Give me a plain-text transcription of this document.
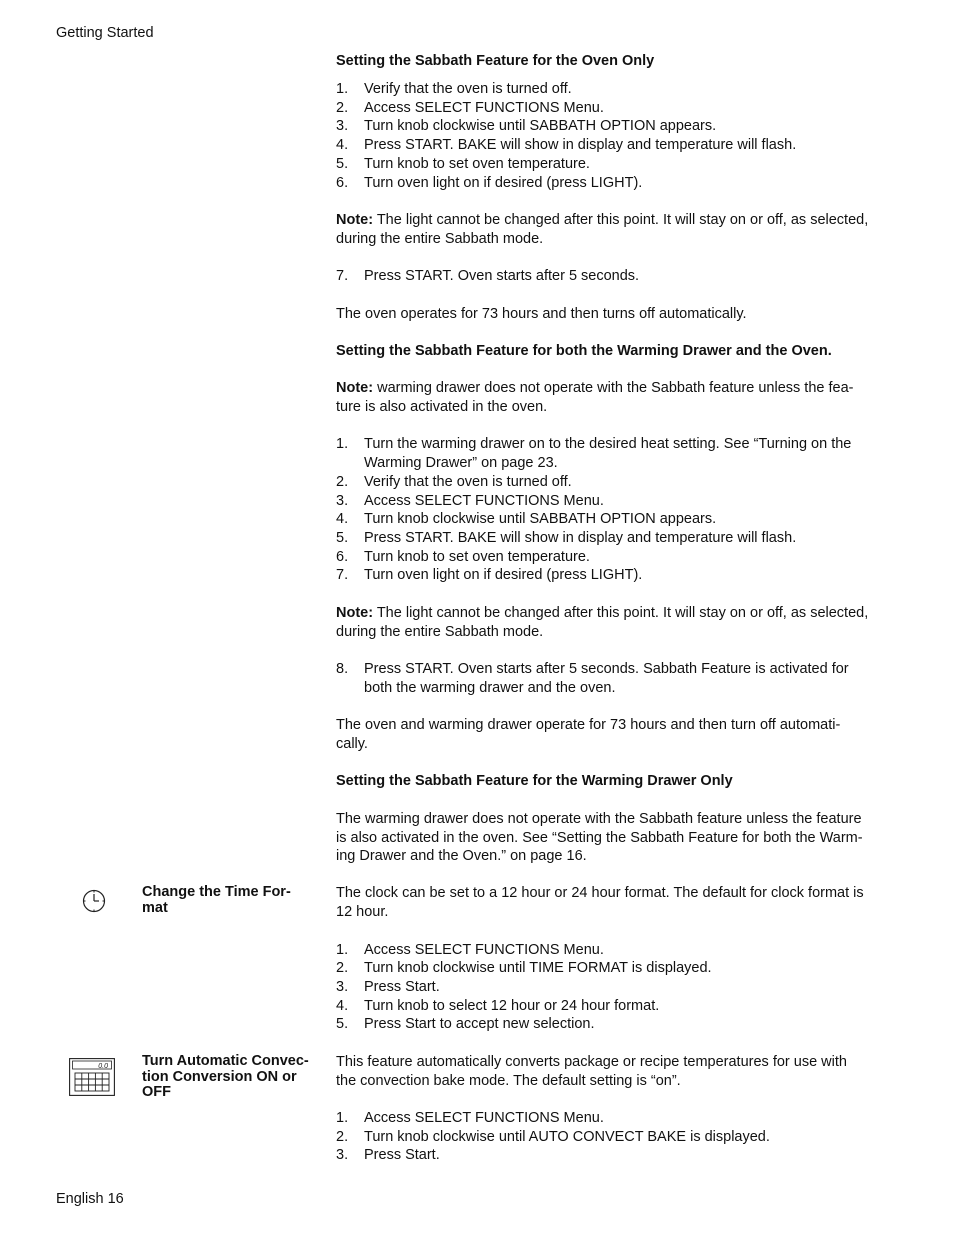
Getting Started
Setting the Sabbath Feature for the Oven Only
1. Verify that the oven is turned off.
2. Access SELECT FUNCTIONS Menu.
3. Turn knob clockwise until SABBATH OPTION appears.
4. Press START. BAKE will show in display and temperature will flash.
5. Turn knob to set oven temperature.
6. Turn oven light on if desired (press LIGHT).
Note: The light cannot be changed after this point. It will stay on or off, as selected, during the entire Sabbath mode.
7. Press START. Oven starts after 5 seconds.
The oven operates for 73 hours and then turns off automatically.
Setting the Sabbath Feature for both the Warming Drawer and the Oven.
Note: warming drawer does not operate with the Sabbath feature unless the fea-
ture is also activated in the oven.
1. Turn the warming drawer on to the desired heat setting. See “Turning on the
Warming Drawer” on page 23.
2. Verify that the oven is turned off.
3. Access SELECT FUNCTIONS Menu.
4. Turn knob clockwise until SABBATH OPTION appears.
5. Press START. BAKE will show in display and temperature will flash.
6. Turn knob to set oven temperature.
7. Turn oven light on if desired (press LIGHT).
Note: The light cannot be changed after this point. It will stay on or off, as selected, during the entire Sabbath mode.
8. Press START. Oven starts after 5 seconds. Sabbath Feature is activated for
both the warming drawer and the oven.
The oven and warming drawer operate for 73 hours and then turn off automati-
cally.
Setting the Sabbath Feature for the Warming Drawer Only
The warming drawer does not operate with the Sabbath feature unless the feature
is also activated in the oven. See “Setting the Sabbath Feature for both the Warm-
ing Drawer and the Oven.” on page 16.
Change the Time For-
mat
The clock can be set to a 12 hour or 24 hour format. The default for clock format is
12 hour.
1. Access SELECT FUNCTIONS Menu.
2. Turn knob clockwise until TIME FORMAT is displayed.
3. Press Start.
4. Turn knob to select 12 hour or 24 hour format.
5. Press Start to accept new selection.
0.0 Turn Automatic Convec-
tion Conversion ON or
OFF
This feature automatically converts package or recipe temperatures for use with
the convection bake mode. The default setting is “on”.
1. Access SELECT FUNCTIONS Menu.
2. Turn knob clockwise until AUTO CONVECT BAKE is displayed.
3. Press Start.
English 16
